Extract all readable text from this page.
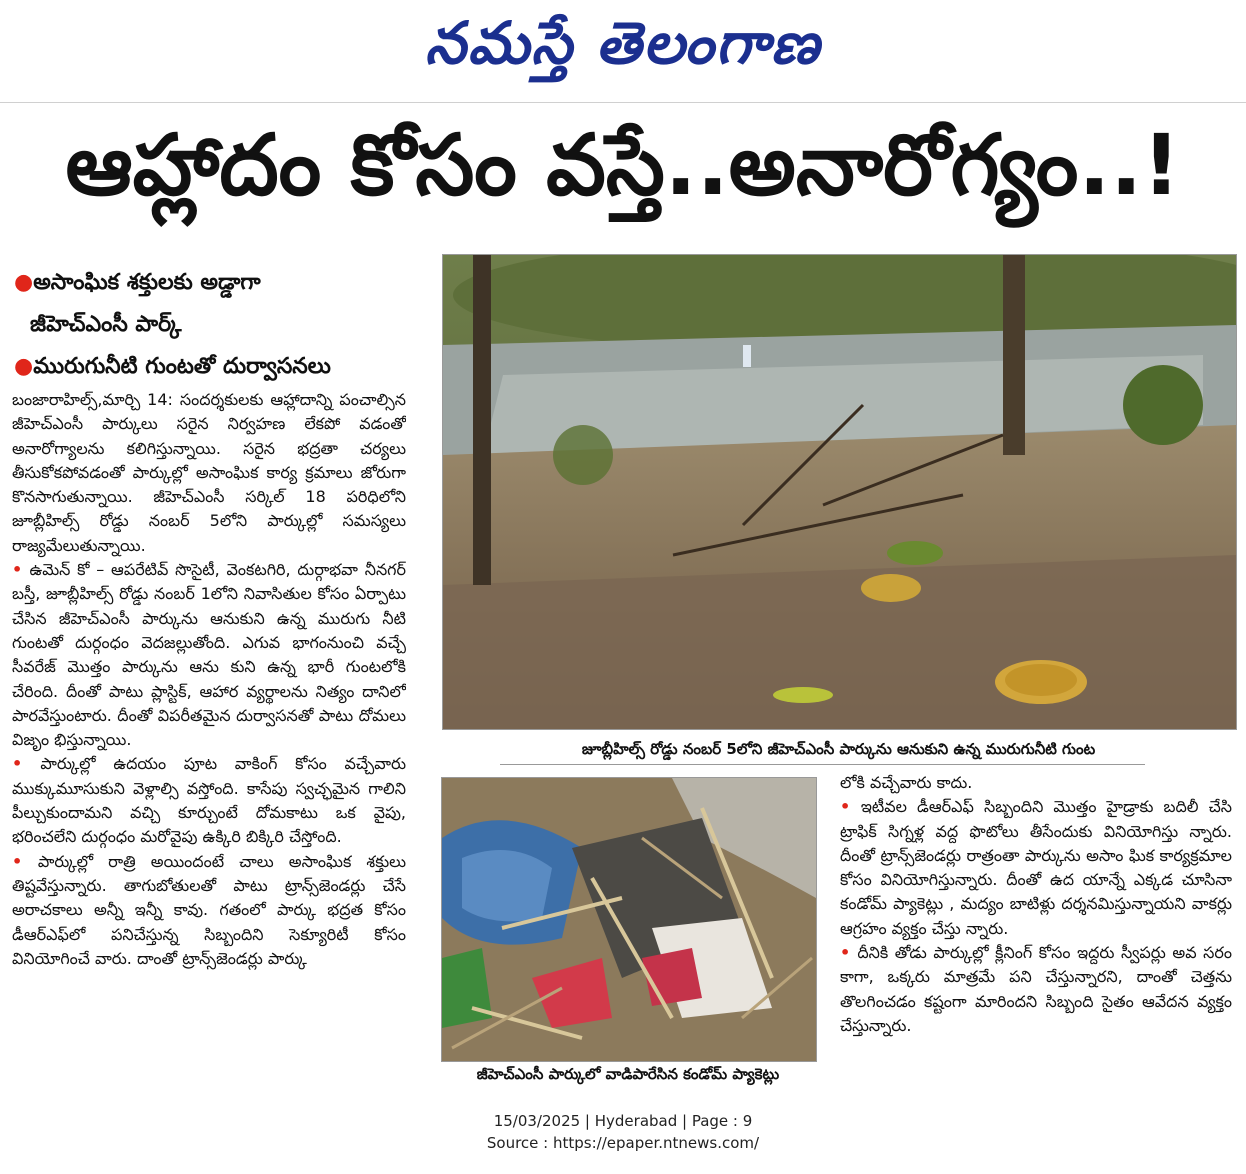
నమస్తే తెలంగాణ
ఆహ్లాదం కోసం వస్తే..అనారోగ్యం..!
●అసాంఘిక శక్తులకు అడ్డాగా
జీహెచ్ఎంసీ పార్క్
●మురుగునీటి గుంటతో దుర్వాసనలు

బంజారాహిల్స్,మార్చి 14: సందర్శకులకు ఆహ్లాదాన్ని పంచాల్సిన జీహెచ్ఎంసీ పార్కులు సరైన నిర్వహణ లేకపో వడంతో అనారోగ్యాలను కలిగిస్తున్నాయి. సరైన భద్రతా చర్యలు తీసుకోకపోవడంతో పార్కుల్లో అసాంఘిక కార్య క్రమాలు జోరుగా కొనసాగుతున్నాయి. జీహెచ్ఎంసీ సర్కిల్ 18 పరిధిలోని జూబ్లీహిల్స్ రోడ్డు నంబర్ 5లోని పార్కుల్లో సమస్యలు రాజ్యమేలుతున్నాయి.

• ఉమెన్ కో – ఆపరేటివ్ సొసైటీ, వెంకటగిరి, దుర్గాభవా నీనగర్ బస్తీ, జూబ్లీహిల్స్ రోడ్డు నంబర్ 1లోని నివాసితుల కోసం ఏర్పాటు చేసిన జీహెచ్ఎంసీ పార్కును ఆనుకుని ఉన్న మురుగు నీటి గుంటతో దుర్గంధం వెదజల్లుతోంది. ఎగువ భాగంనుంచి వచ్చే సీవరేజ్ మొత్తం పార్కును ఆను కుని ఉన్న భారీ గుంటలోకి చేరింది. దీంతో పాటు ప్లాస్టిక్, ఆహార వ్యర్థాలను నిత్యం దానిలో పారవేస్తుంటారు. దీంతో విపరీతమైన దుర్వాసనతో పాటు దోమలు విజృం భిస్తున్నాయి.

• పార్కుల్లో ఉదయం పూట వాకింగ్ కోసం వచ్చేవారు ముక్కుమూసుకుని వెళ్లాల్సి వస్తోంది. కాసేపు స్వచ్ఛమైన గాలిని పీల్చుకుందామని వచ్చి కూర్చుంటే దోమకాటు ఒక వైపు, భరించలేని దుర్గంధం మరోవైపు ఉక్కిరి బిక్కిరి చేస్తోంది.

• పార్కుల్లో రాత్రి అయిందంటే చాలు అసాంఘిక శక్తులు తిష్టవేస్తున్నారు. తాగుబోతులతో పాటు ట్రాన్స్‌జెండర్లు చేసే అరాచకాలు అన్నీ ఇన్నీ కావు. గతంలో పార్కు భద్రత కోసం డీఆర్ఎఫ్‌లో పనిచేస్తున్న సిబ్బందిని సెక్యూరిటీ కోసం వినియోగించే వారు. దాంతో ట్రాన్స్‌జెండర్లు పార్కు

జూబ్లీహిల్స్ రోడ్డు నంబర్ 5లోని జీహెచ్ఎంసీ పార్కును ఆనుకుని ఉన్న మురుగునీటి గుంట
జీహెచ్ఎంసీ పార్కులో వాడిపారేసిన కండోమ్ ప్యాకెట్లు

లోకి వచ్చేవారు కాదు.

• ఇటీవల డీఆర్ఎఫ్ సిబ్బందిని మొత్తం హైడ్రాకు బదిలీ చేసి ట్రాఫిక్ సిగ్నళ్ల వద్ద ఫొటోలు తీసేందుకు వినియోగిస్తు న్నారు. దీంతో ట్రాన్స్‌జెండర్లు రాత్రంతా పార్కును అసాం ఘిక కార్యక్రమాల కోసం వినియోగిస్తున్నారు. దీంతో ఉద యాన్నే ఎక్కడ చూసినా కండోమ్ ప్యాకెట్లు , మద్యం బాటిళ్లు దర్శనమిస్తున్నాయని వాకర్లు ఆగ్రహం వ్యక్తం చేస్తు న్నారు.

• దీనికి తోడు పార్కుల్లో క్లీనింగ్ కోసం ఇద్దరు స్వీపర్లు అవ సరం కాగా, ఒక్కరు మాత్రమే పని చేస్తున్నారని, దాంతో చెత్తను తొలగించడం కష్టంగా మారిందని సిబ్బంది సైతం ఆవేదన వ్యక్తం చేస్తున్నారు.

15/03/2025 | Hyderabad | Page : 9
Source : https://epaper.ntnews.com/
